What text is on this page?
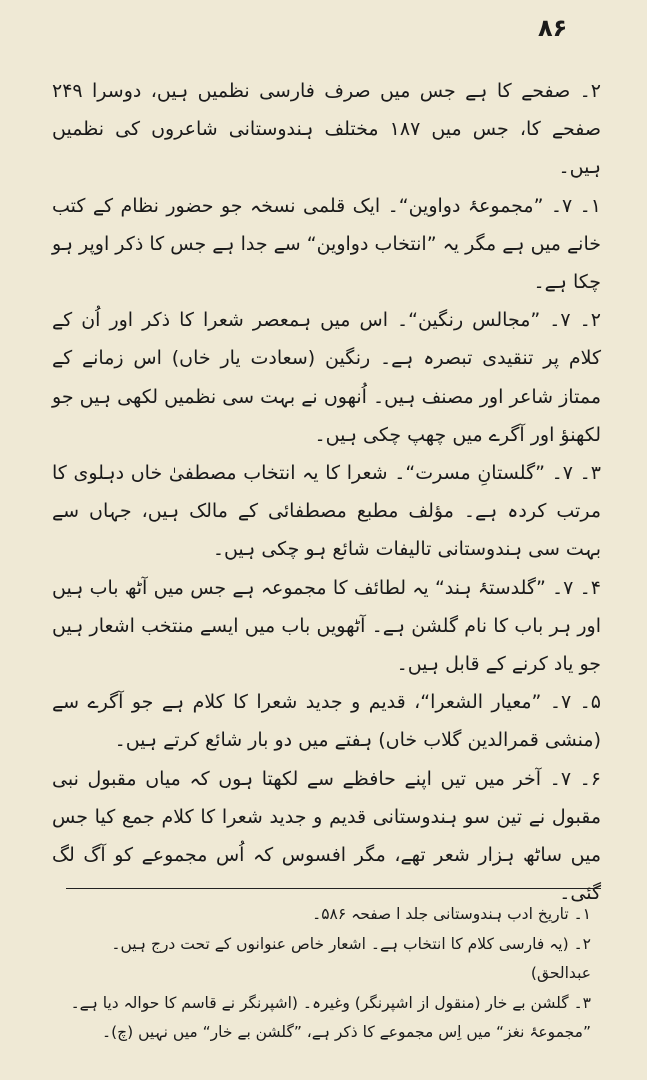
۸۶

۲۔ صفحے کا ہے جس میں صرف فارسی نظمیں ہیں، دوسرا ۲۴۹ صفحے کا، جس میں ۱۸۷ مختلف ہندوستانی شاعروں کی نظمیں ہیں۔

۱۔ ۷۔ ”مجموعۂ دواوین“۔ ایک قلمی نسخہ جو حضور نظام کے کتب خانے میں ہے مگر یہ ”انتخاب دواوین“ سے جدا ہے جس کا ذکر اوپر ہو چکا ہے۔

۲۔ ۷۔ ”مجالس رنگین“۔ اس میں ہمعصر شعرا کا ذکر اور اُن کے کلام پر تنقیدی تبصرہ ہے۔ رنگین (سعادت یار خاں) اس زمانے کے ممتاز شاعر اور مصنف ہیں۔ اُنھوں نے بہت سی نظمیں لکھی ہیں جو لکھنؤ اور آگرے میں چھپ چکی ہیں۔

۳۔ ۷۔ ”گلستانِ مسرت“۔ شعرا کا یہ انتخاب مصطفیٰ خاں دہلوی کا مرتب کردہ ہے۔ مؤلف مطبع مصطفائی کے مالک ہیں، جہاں سے بہت سی ہندوستانی تالیفات شائع ہو چکی ہیں۔

۴۔ ۷۔ ”گلدستۂ ہند“ یہ لطائف کا مجموعہ ہے جس میں آٹھ باب ہیں اور ہر باب کا نام گلشن ہے۔ آٹھویں باب میں ایسے منتخب اشعار ہیں جو یاد کرنے کے قابل ہیں۔

۵۔ ۷۔ ”معیار الشعرا“، قدیم و جدید شعرا کا کلام ہے جو آگرے سے (منشی قمرالدین گلاب خاں) ہفتے میں دو بار شائع کرتے ہیں۔

۶۔ ۷۔ آخر میں تیں اپنے حافظے سے لکھتا ہوں کہ میاں مقبول نبی مقبول نے تین سو ہندوستانی قدیم و جدید شعرا کا کلام جمع کیا جس میں ساٹھ ہزار شعر تھے، مگر افسوس کہ اُس مجموعے کو آگ لگ گئی۔

۱۔ تاریخ ادب ہندوستانی جلد ا صفحہ ۵۸۶۔

۲۔ (یہ فارسی کلام کا انتخاب ہے۔ اشعار خاص عنوانوں کے تحت درج ہیں۔ عبدالحق)

۳۔ گلشن بے خار (منقول از اشپرنگر) وغیرہ۔ (اشپرنگر نے قاسم کا حوالہ دیا ہے۔ ”مجموعۂ نغز“ میں اِس مجموعے کا ذکر ہے، ”گلشن بے خار“ میں نہیں (چ)۔
